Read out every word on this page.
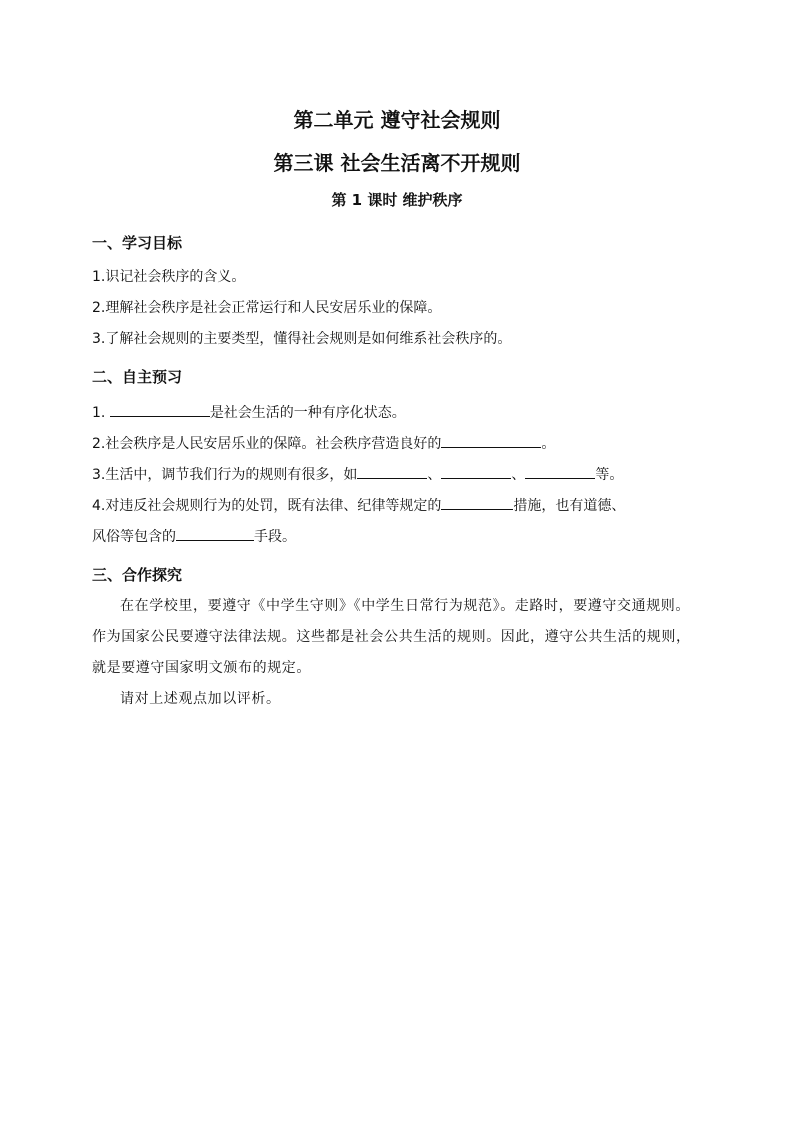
第二单元 遵守社会规则
第三课 社会生活离不开规则
第 1 课时 维护秩序
一、学习目标
1.识记社会秩序的含义。
2.理解社会秩序是社会正常运行和人民安居乐业的保障。
3.了解社会规则的主要类型，懂得社会规则是如何维系社会秩序的。
二、自主预习
1.	是社会生活的一种有序化状态。
2.社会秩序是人民安居乐业的保障。社会秩序营造良好的	。
3.生活中，调节我们行为的规则有很多，如	、	、	等。
4.对违反社会规则行为的处罚，既有法律、纪律等规定的	措施，也有道德、
风俗等包含的	手段。
三、合作探究
在在学校里，要遵守《中学生守则》《中学生日常行为规范》。走路时，要遵守交通规则。作为国家公民要遵守法律法规。这些都是社会公共生活的规则。因此，遵守公共生活的规则，就是要遵守国家明文颁布的规定。
请对上述观点加以评析。
